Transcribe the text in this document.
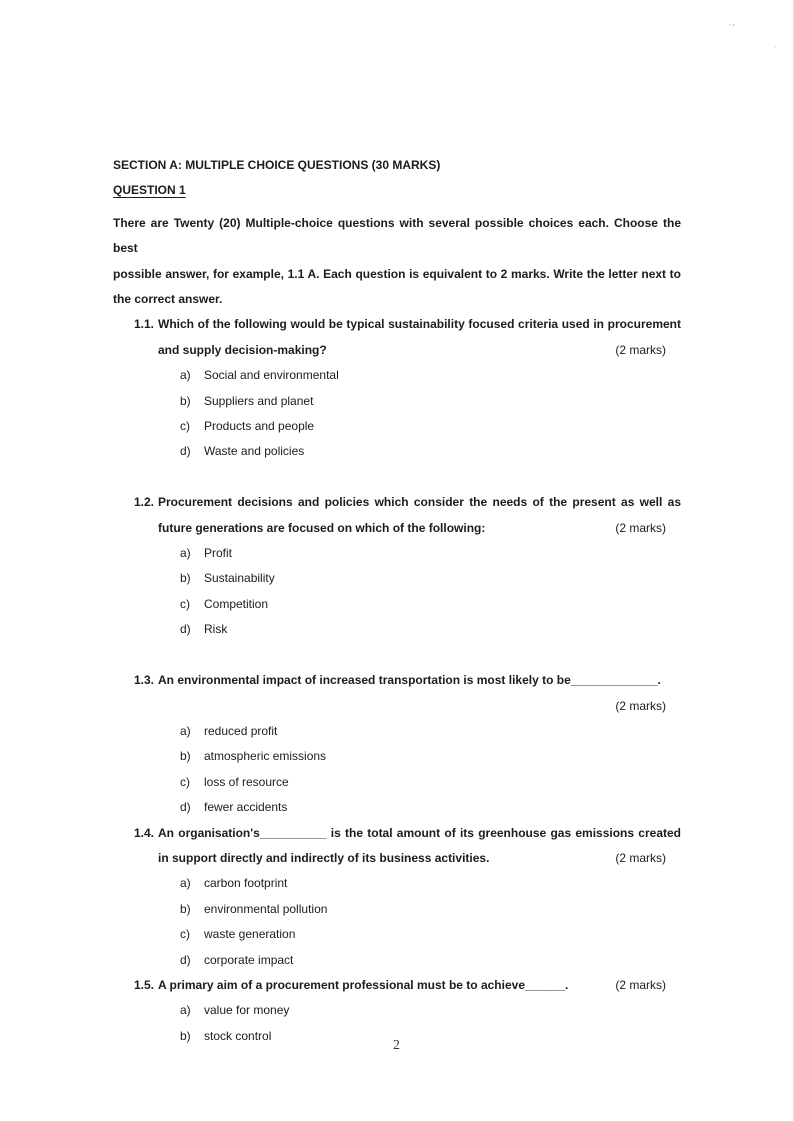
’’
ˏ
SECTION A: MULTIPLE CHOICE QUESTIONS (30 MARKS)
QUESTION 1
There are Twenty (20) Multiple-choice questions with several possible choices each. Choose the best
possible answer, for example, 1.1 A. Each question is equivalent to 2 marks. Write the letter next to
the correct answer.
1.1. Which of the following would be typical sustainability focused criteria used in procurement
and supply decision-making?	(2 marks)
a)	Social and environmental
b)	Suppliers and planet
c)	Products and people
d)	Waste and policies
1.2. Procurement decisions and policies which consider the needs of the present as well as
future generations are focused on which of the following:	(2 marks)
a)	Profit
b)	Sustainability
c)	Competition
d)	Risk
1.3. An environmental impact of increased transportation is most likely to be_____________.
(2 marks)
a)	reduced profit
b)	atmospheric emissions
c)	loss of resource
d)	fewer accidents
1.4. An organisation's__________ is the total amount of its greenhouse gas emissions created
in support directly and indirectly of its business activities.	(2 marks)
a)	carbon footprint
b)	environmental pollution
c)	waste generation
d)	corporate impact
1.5. A primary aim of a procurement professional must be to achieve______.	(2 marks)
a)	value for money
b)	stock control
2
